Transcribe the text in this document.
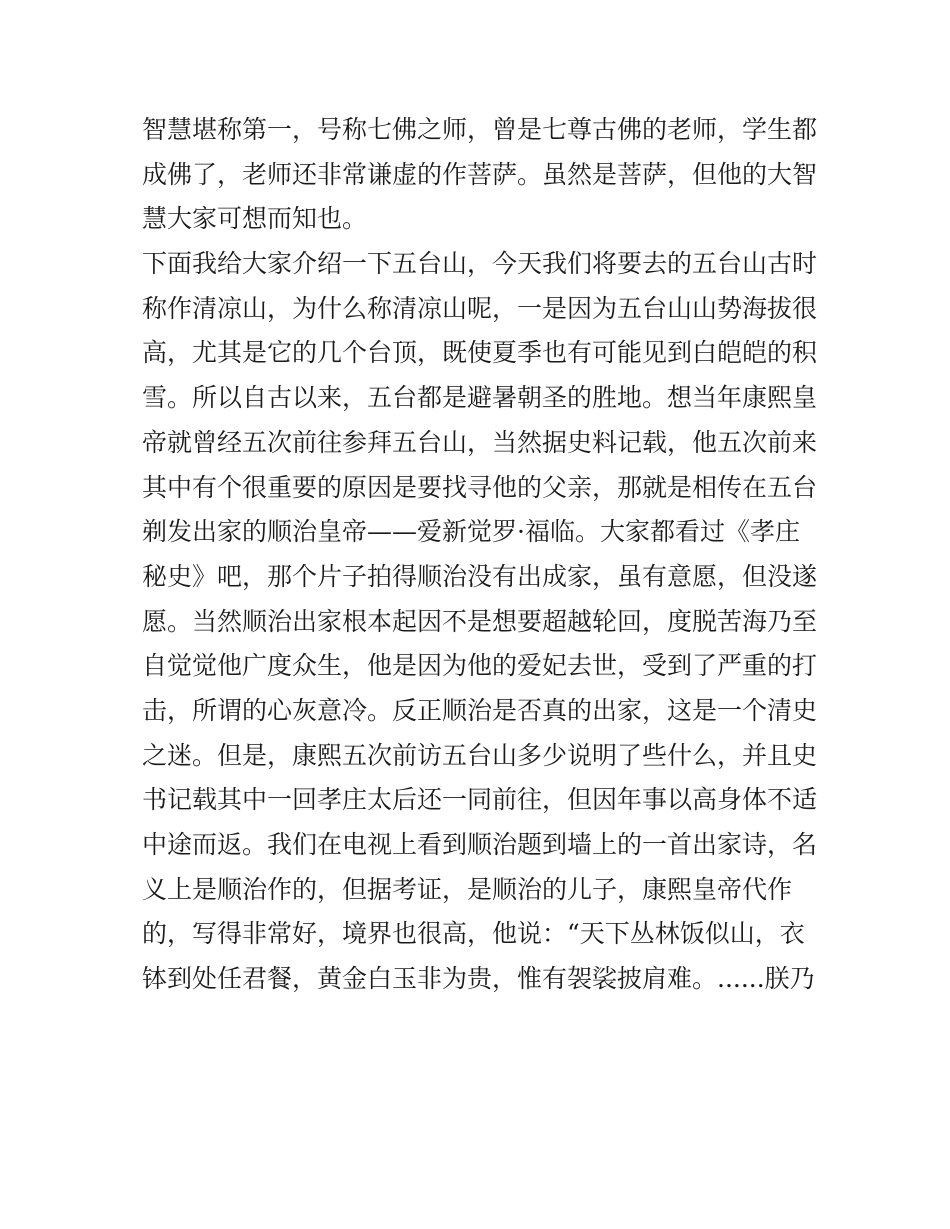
智慧堪称第一，号称七佛之师，曾是七尊古佛的老师，学生都
成佛了，老师还非常谦虚的作菩萨。虽然是菩萨，但他的大智
慧大家可想而知也。
下面我给大家介绍一下五台山，今天我们将要去的五台山古时
称作清凉山，为什么称清凉山呢，一是因为五台山山势海拔很
高，尤其是它的几个台顶，既使夏季也有可能见到白皑皑的积
雪。所以自古以来，五台都是避暑朝圣的胜地。想当年康熙皇
帝就曾经五次前往参拜五台山，当然据史料记载，他五次前来
其中有个很重要的原因是要找寻他的父亲，那就是相传在五台
剃发出家的顺治皇帝——爱新觉罗·福临。大家都看过《孝庄
秘史》吧，那个片子拍得顺治没有出成家，虽有意愿，但没遂
愿。当然顺治出家根本起因不是想要超越轮回，度脱苦海乃至
自觉觉他广度众生，他是因为他的爱妃去世，受到了严重的打
击，所谓的心灰意冷。反正顺治是否真的出家，这是一个清史
之迷。但是，康熙五次前访五台山多少说明了些什么，并且史
书记载其中一回孝庄太后还一同前往，但因年事以高身体不适
中途而返。我们在电视上看到顺治题到墙上的一首出家诗，名
义上是顺治作的，但据考证，是顺治的儿子，康熙皇帝代作
的，写得非常好，境界也很高，他说：“天下丛林饭似山，衣
钵到处任君餐，黄金白玉非为贵，惟有袈裟披肩难。......朕乃
